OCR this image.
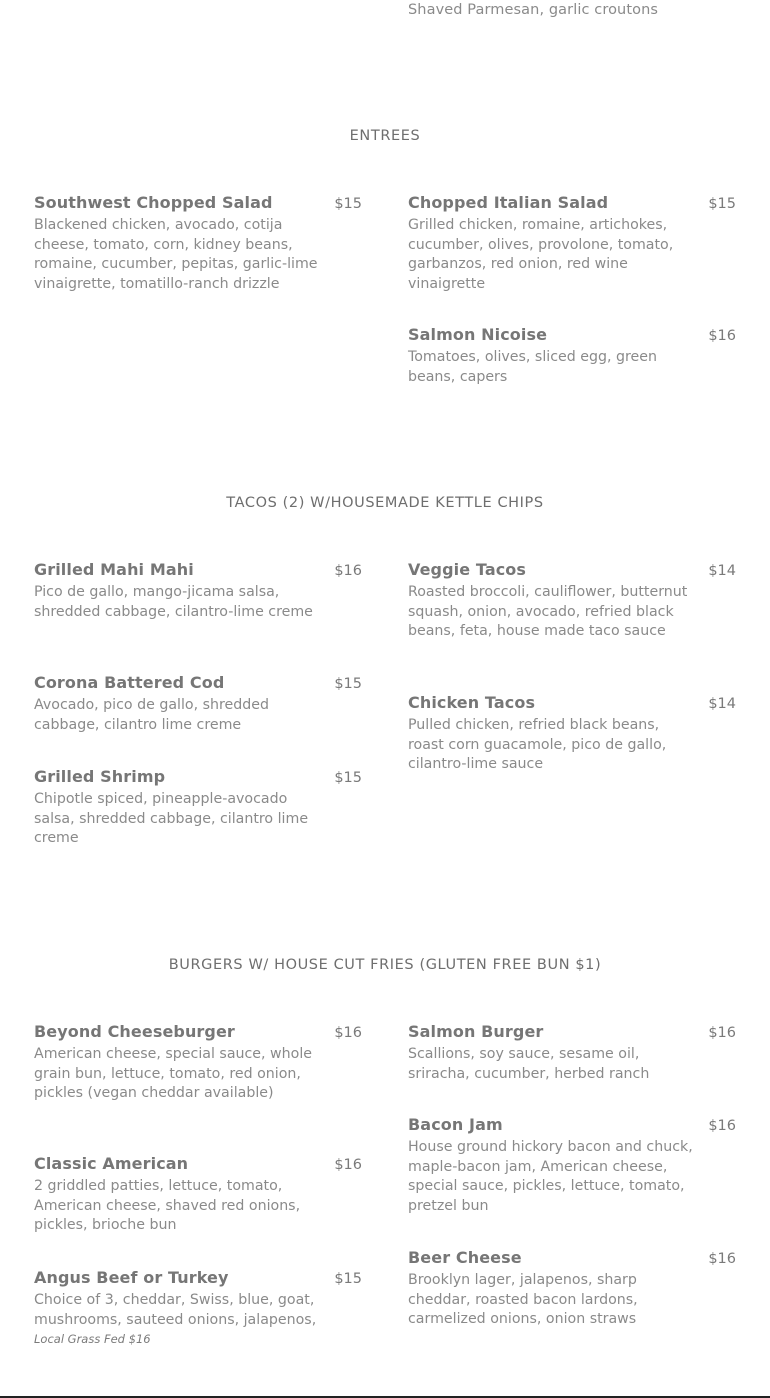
Shaved Parmesan, garlic croutons
ENTREES
Southwest Chopped Salad	$15
Blackened chicken, avocado, cotija cheese, tomato, corn, kidney beans, romaine, cucumber, pepitas, garlic-lime vinaigrette, tomatillo-ranch drizzle
Chopped Italian Salad	$15
Grilled chicken, romaine, artichokes, cucumber, olives, provolone, tomato, garbanzos, red onion, red wine vinaigrette
Salmon Nicoise	$16
Tomatoes, olives, sliced egg, green beans, capers
TACOS (2) W/HOUSEMADE KETTLE CHIPS
Grilled Mahi Mahi	$16
Pico de gallo, mango-jicama salsa, shredded cabbage, cilantro-lime creme
Corona Battered Cod	$15
Avocado, pico de gallo, shredded cabbage, cilantro lime creme
Grilled Shrimp	$15
Chipotle spiced, pineapple-avocado salsa, shredded cabbage, cilantro lime creme
Veggie Tacos	$14
Roasted broccoli, cauliflower, butternut squash, onion, avocado, refried black beans, feta, house made taco sauce
Chicken Tacos	$14
Pulled chicken, refried black beans, roast corn guacamole, pico de gallo, cilantro-lime sauce
BURGERS W/ HOUSE CUT FRIES (GLUTEN FREE BUN $1)
Beyond Cheeseburger	$16
American cheese, special sauce, whole grain bun, lettuce, tomato, red onion, pickles (vegan cheddar available)
Classic American	$16
2 griddled patties, lettuce, tomato, American cheese, shaved red onions, pickles, brioche bun
Angus Beef or Turkey	$15
Choice of 3, cheddar, Swiss, blue, goat, mushrooms, sauteed onions, jalapenos,
Local Grass Fed $16
Salmon Burger	$16
Scallions, soy sauce, sesame oil, sriracha, cucumber, herbed ranch
Bacon Jam	$16
House ground hickory bacon and chuck, maple-bacon jam, American cheese, special sauce, pickles, lettuce, tomato, pretzel bun
Beer Cheese	$16
Brooklyn lager, jalapenos, sharp cheddar, roasted bacon lardons, carmelized onions, onion straws
